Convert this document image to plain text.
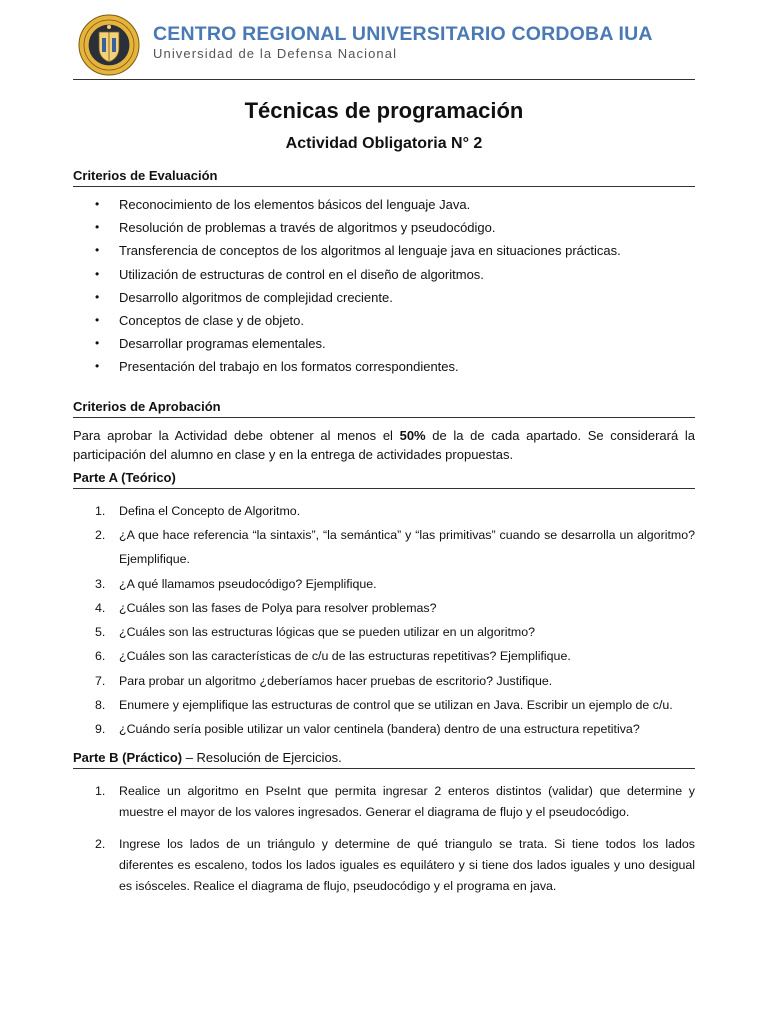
CENTRO REGIONAL UNIVERSITARIO CORDOBA IUA
Universidad de la Defensa Nacional
Técnicas de programación
Actividad Obligatoria N° 2
Criterios de Evaluación
• Reconocimiento de los elementos básicos del lenguaje Java.
• Resolución de problemas a través de algoritmos y pseudocódigo.
• Transferencia de conceptos de los algoritmos al lenguaje java en situaciones prácticas.
• Utilización de estructuras de control en el diseño de algoritmos.
• Desarrollo algoritmos de complejidad creciente.
• Conceptos de clase y de objeto.
• Desarrollar programas elementales.
• Presentación del trabajo en los formatos correspondientes.
Criterios de Aprobación

Para aprobar la Actividad debe obtener al menos el 50% de la de cada apartado. Se considerará la participación del alumno en clase y en la entrega de actividades propuestas.

Parte A (Teórico)
1. Defina el Concepto de Algoritmo.
2. ¿A que hace referencia “la sintaxis”, “la semántica” y “las primitivas” cuando se desarrolla un algoritmo? Ejemplifique.
3. ¿A qué llamamos pseudocódigo? Ejemplifique.
4. ¿Cuáles son las fases de Polya para resolver problemas?
5. ¿Cuáles son las estructuras lógicas que se pueden utilizar en un algoritmo?
6. ¿Cuáles son las características de c/u de las estructuras repetitivas? Ejemplifique.
7. Para probar un algoritmo ¿deberíamos hacer pruebas de escritorio? Justifique.
8. Enumere y ejemplifique las estructuras de control que se utilizan en Java. Escribir un ejemplo de c/u.
9. ¿Cuándo sería posible utilizar un valor centinela (bandera) dentro de una estructura repetitiva?
Parte B (Práctico) – Resolución de Ejercicios.
1. Realice un algoritmo en PseInt que permita ingresar 2 enteros distintos (validar) que determine y muestre el mayor de los valores ingresados. Generar el diagrama de flujo y el pseudocódigo.
2. Ingrese los lados de un triángulo y determine de qué triangulo se trata. Si tiene todos los lados diferentes es escaleno, todos los lados iguales es equilátero y si tiene dos lados iguales y uno desigual es isósceles. Realice el diagrama de flujo, pseudocódigo y el programa en java.
